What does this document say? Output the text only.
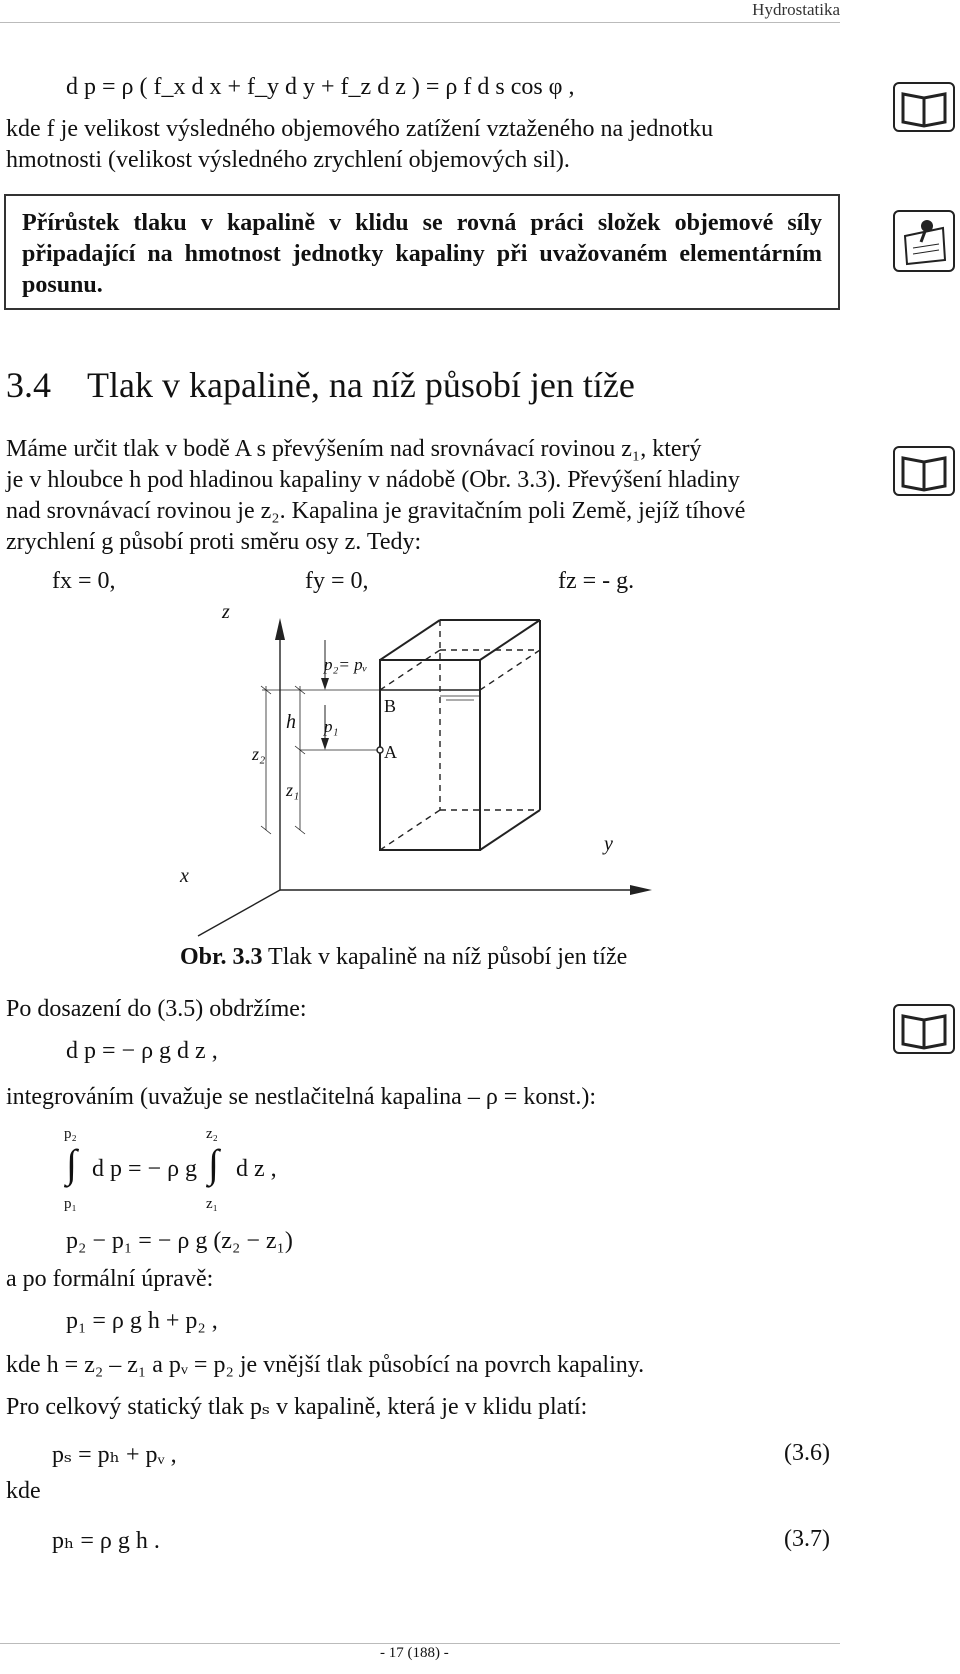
Hydrostatika
d p = ρ ( f_x d x + f_y d y + f_z d z ) = ρ f d s cos φ ,
kde f je velikost výsledného objemového zatížení vztaženého na jednotku
hmotnosti (velikost výsledného zrychlení objemových sil).

Přírůstek tlaku v kapalině v klidu se rovná práci složek objemové síly připadající na hmotnost jednotky kapaliny při uvažovaném elementárním posunu.

3.4 Tlak v kapalině, na níž působí jen tíže
Máme určit tlak v bodě A s převýšením nad srovnávací rovinou z₁, který
je v hloubce h pod hladinou kapaliny v nádobě (Obr. 3.3). Převýšení hladiny
nad srovnávací rovinou je z₂. Kapalina je gravitačním poli Země, jejíž tíhové
zrychlení g působí proti směru osy z. Tedy:
fx = 0,	fy = 0,	fz = - g.
z
y
x
p₂= pᵥ
p₁
h
z₂
z₁
B
A
Obr. 3.3 Tlak v kapalině na níž působí jen tíže
Po dosazení do (3.5) obdržíme:
d p = − ρ g d z ,
integrováním (uvažuje se nestlačitelná kapalina – ρ = konst.):
p₂
∫
p₁
d p = − ρ g
z₂
∫
z₁
d z ,
p₂ − p₁ = − ρ g (z₂ − z₁)
a po formální úpravě:
p₁ = ρ g h + p₂ ,
kde h = z₂ – z₁ a pᵥ = p₂ je vnější tlak působící na povrch kapaliny.
Pro celkový statický tlak pₛ v kapalině, která je v klidu platí:
pₛ = pₕ + pᵥ ,	(3.6)
kde
pₕ = ρ g h .	(3.7)
- 17 (188) -
